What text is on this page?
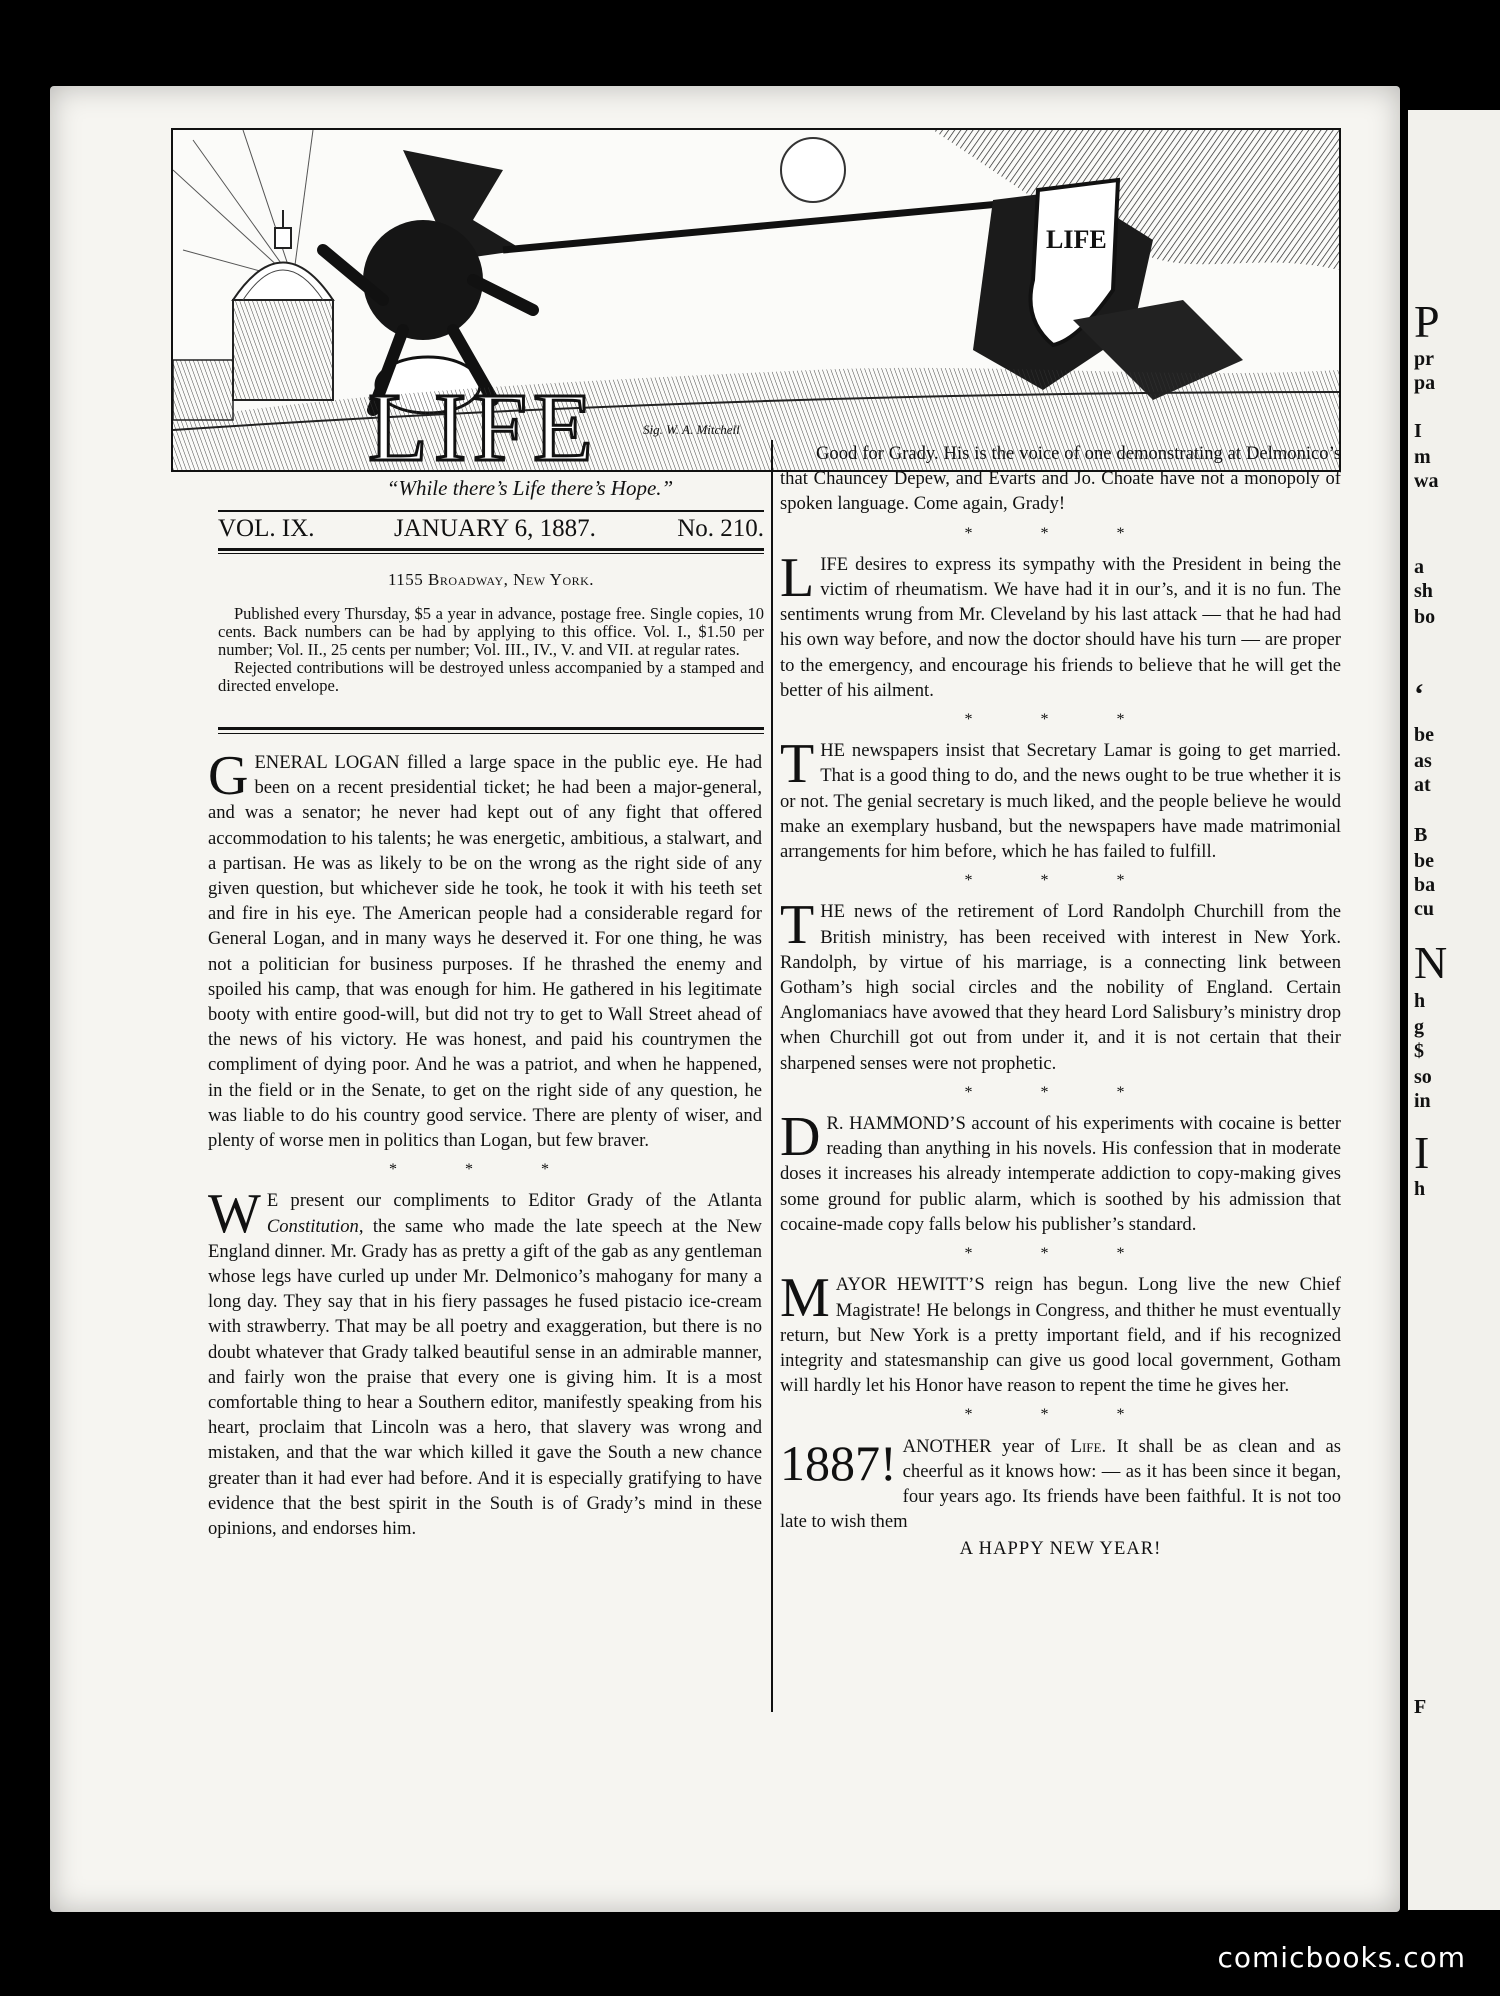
P
pr
pa
I
m
wa
a
sh
bo
‘
be
as
at
B
be
ba
cu
N
h
g
$
so
in
I
h
F
LIFE
LIFE	Sig. W. A. Mitchell
“While there’s Life there’s Hope.”
VOL. IX.	JANUARY 6, 1887.	No. 210.
1155 Broadway, New York.

Published every Thursday, $5 a year in advance, postage free. Single copies, 10 cents. Back numbers can be had by applying to this office. Vol. I., $1.50 per number; Vol. II., 25 cents per number; Vol. III., IV., V. and VII. at regular rates.

Rejected contributions will be destroyed unless accompanied by a stamped and directed envelope.

GENERAL LOGAN filled a large space in the public eye. He had been on a recent presidential ticket; he had been a major-general, and was a senator; he never had kept out of any fight that offered accommodation to his talents; he was energetic, ambitious, a stalwart, and a partisan. He was as likely to be on the wrong as the right side of any given question, but whichever side he took, he took it with his teeth set and fire in his eye. The American people had a considerable regard for General Logan, and in many ways he deserved it. For one thing, he was not a politician for business purposes. If he thrashed the enemy and spoiled his camp, that was enough for him. He gathered in his legitimate booty with entire good-will, but did not try to get to Wall Street ahead of the news of his victory. He was honest, and paid his countrymen the compliment of dying poor. And he was a patriot, and when he happened, in the field or in the Senate, to get on the right side of any question, he was liable to do his country good service. There are plenty of wiser, and plenty of worse men in politics than Logan, but few braver.

* * *

W E present our compliments to Editor Grady of the Atlanta Constitution, the same who made the late speech at the New England dinner. Mr. Grady has as pretty a gift of the gab as any gentleman whose legs have curled up under Mr. Delmonico’s mahogany for many a long day. They say that in his fiery passages he fused pistacio ice-cream with strawberry. That may be all poetry and exaggeration, but there is no doubt whatever that Grady talked beautiful sense in an admirable manner, and fairly won the praise that every one is giving him. It is a most comfortable thing to hear a Southern editor, manifestly speaking from his heart, proclaim that Lincoln was a hero, that slavery was wrong and mistaken, and that the war which killed it gave the South a new chance greater than it had ever had before. And it is especially gratifying to have evidence that the best spirit in the South is of Grady’s mind in these opinions, and endorses him.

Good for Grady. His is the voice of one demonstrating at Delmonico’s that Chauncey Depew, and Evarts and Jo. Choate have not a monopoly of spoken language. Come again, Grady!

* * *

LIFE desires to express its sympathy with the President in being the victim of rheumatism. We have had it in our’s, and it is no fun. The sentiments wrung from Mr. Cleveland by his last attack — that he had had his own way before, and now the doctor should have his turn — are proper to the emergency, and encourage his friends to believe that he will get the better of his ailment.

* * *

THE newspapers insist that Secretary Lamar is going to get married. That is a good thing to do, and the news ought to be true whether it is or not. The genial secretary is much liked, and the people believe he would make an exemplary husband, but the newspapers have made matrimonial arrangements for him before, which he has failed to fulfill.

* * *

THE news of the retirement of Lord Randolph Churchill from the British ministry, has been received with interest in New York. Randolph, by virtue of his marriage, is a connecting link between Gotham’s high social circles and the nobility of England. Certain Anglomaniacs have avowed that they heard Lord Salisbury’s ministry drop when Churchill got out from under it, and it is not certain that their sharpened senses were not prophetic.

* * *

D R. HAMMOND’S account of his experiments with cocaine is better reading than anything in his novels. His confession that in moderate doses it increases his already intemperate addiction to copy-making gives some ground for public alarm, which is soothed by his admission that cocaine-made copy falls below his publisher’s standard.

* * *

MAYOR HEWITT’S reign has begun. Long live the new Chief Magistrate! He belongs in Congress, and thither he must eventually return, but New York is a pretty important field, and if his recognized integrity and statesmanship can give us good local government, Gotham will hardly let his Honor have reason to repent the time he gives her.

* * *

1887! ANOTHER year of Life. It shall be as clean and as cheerful as it knows how: — as it has been since it began, four years ago. Its friends have been faithful. It is not too late to wish them

A HAPPY NEW YEAR!
comicbooks.com
